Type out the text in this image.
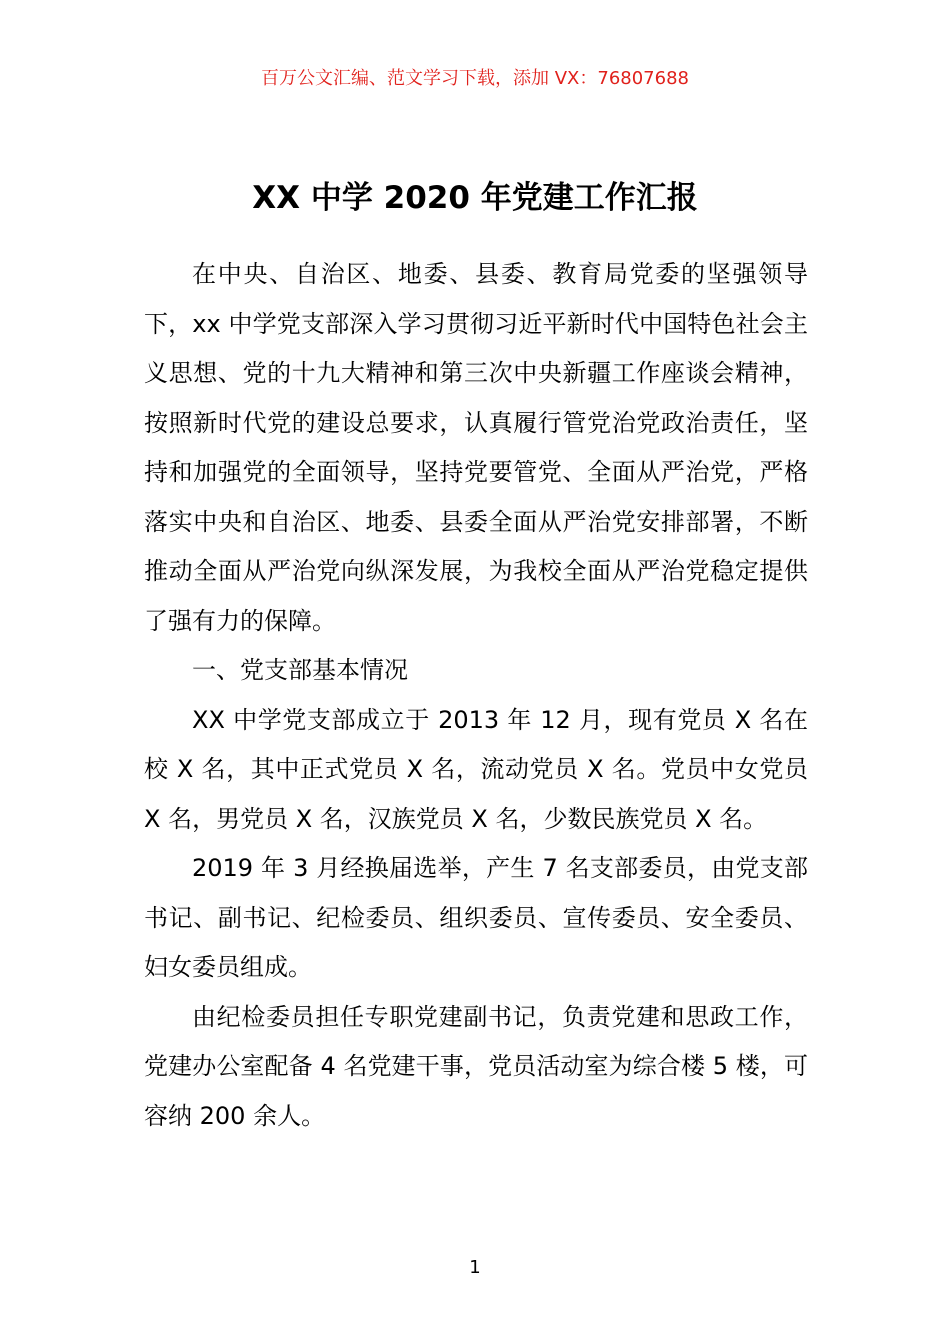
百万公文汇编、范文学习下载，添加 VX：76807688
XX 中学 2020 年党建工作汇报

在中央、自治区、地委、县委、教育局党委的坚强领导下，xx 中学党支部深入学习贯彻习近平新时代中国特色社会主义思想、党的十九大精神和第三次中央新疆工作座谈会精神，按照新时代党的建设总要求，认真履行管党治党政治责任，坚持和加强党的全面领导，坚持党要管党、全面从严治党，严格落实中央和自治区、地委、县委全面从严治党安排部署，不断推动全面从严治党向纵深发展，为我校全面从严治党稳定提供了强有力的保障。

一、党支部基本情况

XX 中学党支部成立于 2013 年 12 月，现有党员 X 名在校 X 名，其中正式党员 X 名，流动党员 X 名。党员中女党员 X 名，男党员 X 名，汉族党员 X 名，少数民族党员 X 名。

2019 年 3 月经换届选举，产生 7 名支部委员，由党支部书记、副书记、纪检委员、组织委员、宣传委员、安全委员、妇女委员组成。

由纪检委员担任专职党建副书记，负责党建和思政工作，党建办公室配备 4 名党建干事，党员活动室为综合楼 5 楼，可容纳 200 余人。

1
